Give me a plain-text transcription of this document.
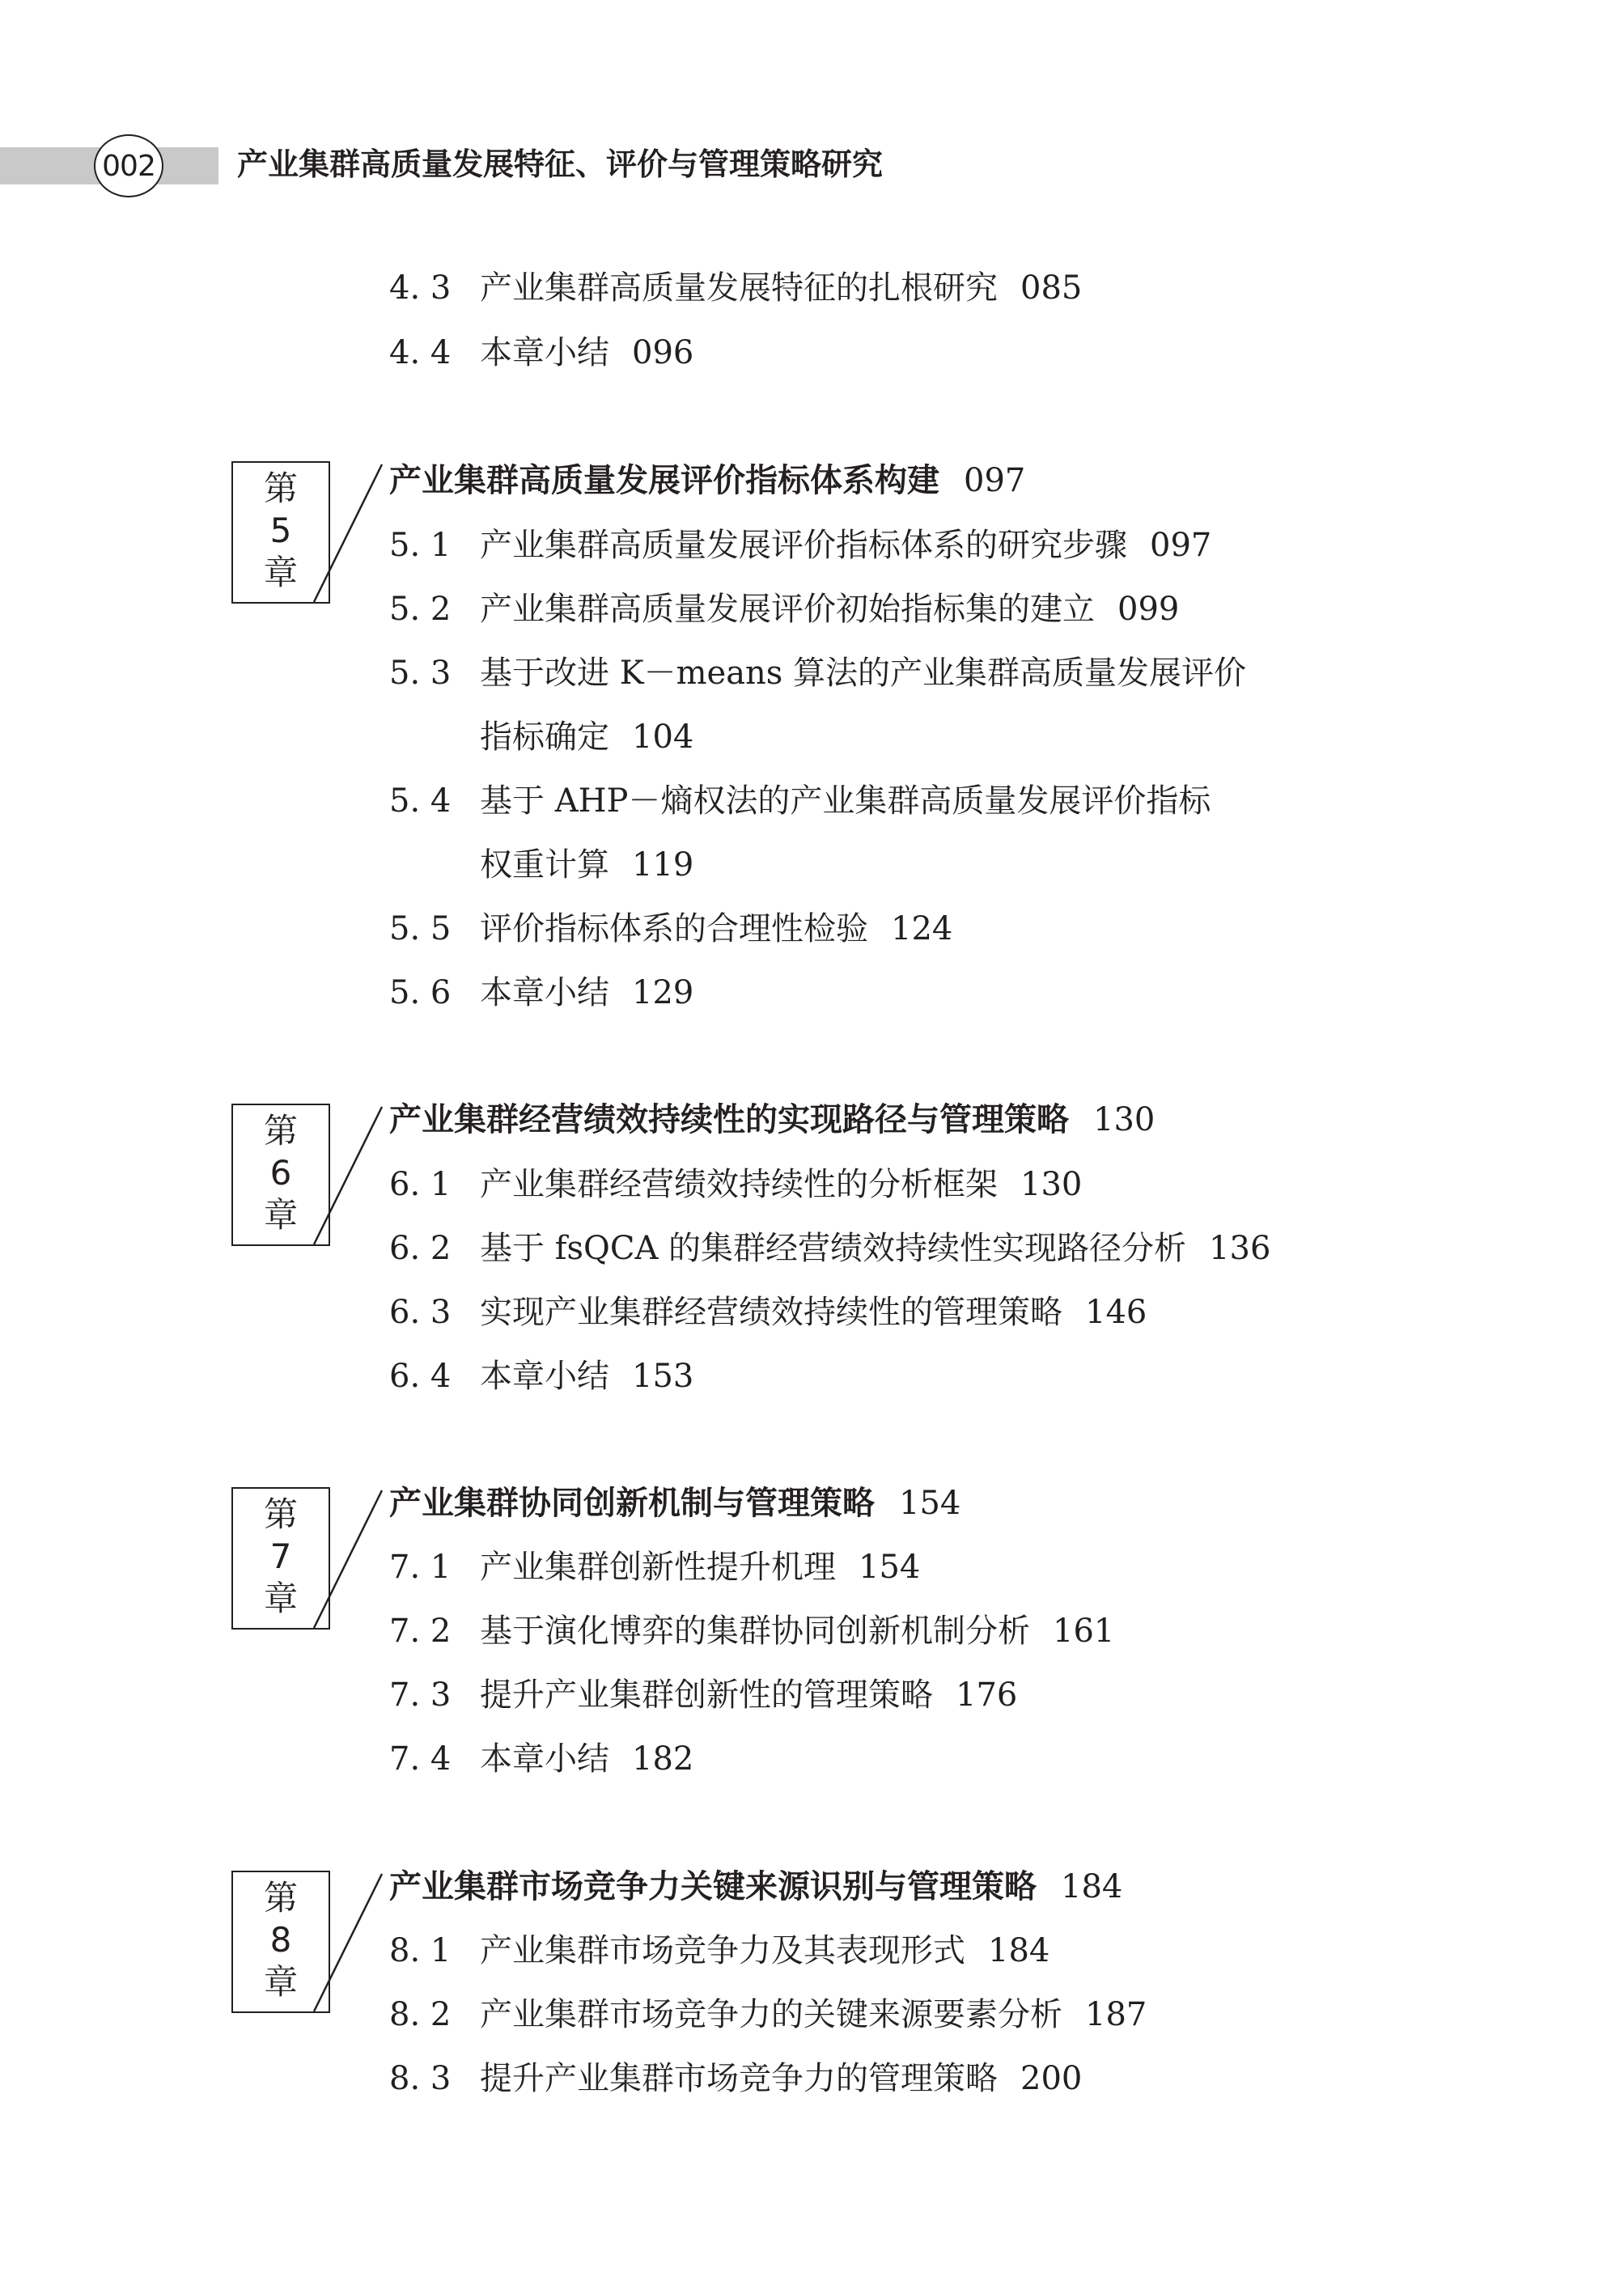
002	产业集群高质量发展特征、评价与管理策略研究
4. 3 产业集群高质量发展特征的扎根研究 085
4. 4 本章小结 096
第
5
章
产业集群高质量发展评价指标体系构建 097
5. 1 产业集群高质量发展评价指标体系的研究步骤 097
5. 2 产业集群高质量发展评价初始指标集的建立 099
5. 3 基于改进 K－means 算法的产业集群高质量发展评价
指标确定 104
5. 4 基于 AHP－熵权法的产业集群高质量发展评价指标
权重计算 119
5. 5 评价指标体系的合理性检验 124
5. 6 本章小结 129
第
6
章
产业集群经营绩效持续性的实现路径与管理策略 130
6. 1 产业集群经营绩效持续性的分析框架 130
6. 2 基于 fsQCA 的集群经营绩效持续性实现路径分析 136
6. 3 实现产业集群经营绩效持续性的管理策略 146
6. 4 本章小结 153
第
7
章
产业集群协同创新机制与管理策略 154
7. 1 产业集群创新性提升机理 154
7. 2 基于演化博弈的集群协同创新机制分析 161
7. 3 提升产业集群创新性的管理策略 176
7. 4 本章小结 182
第
8
章
产业集群市场竞争力关键来源识别与管理策略 184
8. 1 产业集群市场竞争力及其表现形式 184
8. 2 产业集群市场竞争力的关键来源要素分析 187
8. 3 提升产业集群市场竞争力的管理策略 200
